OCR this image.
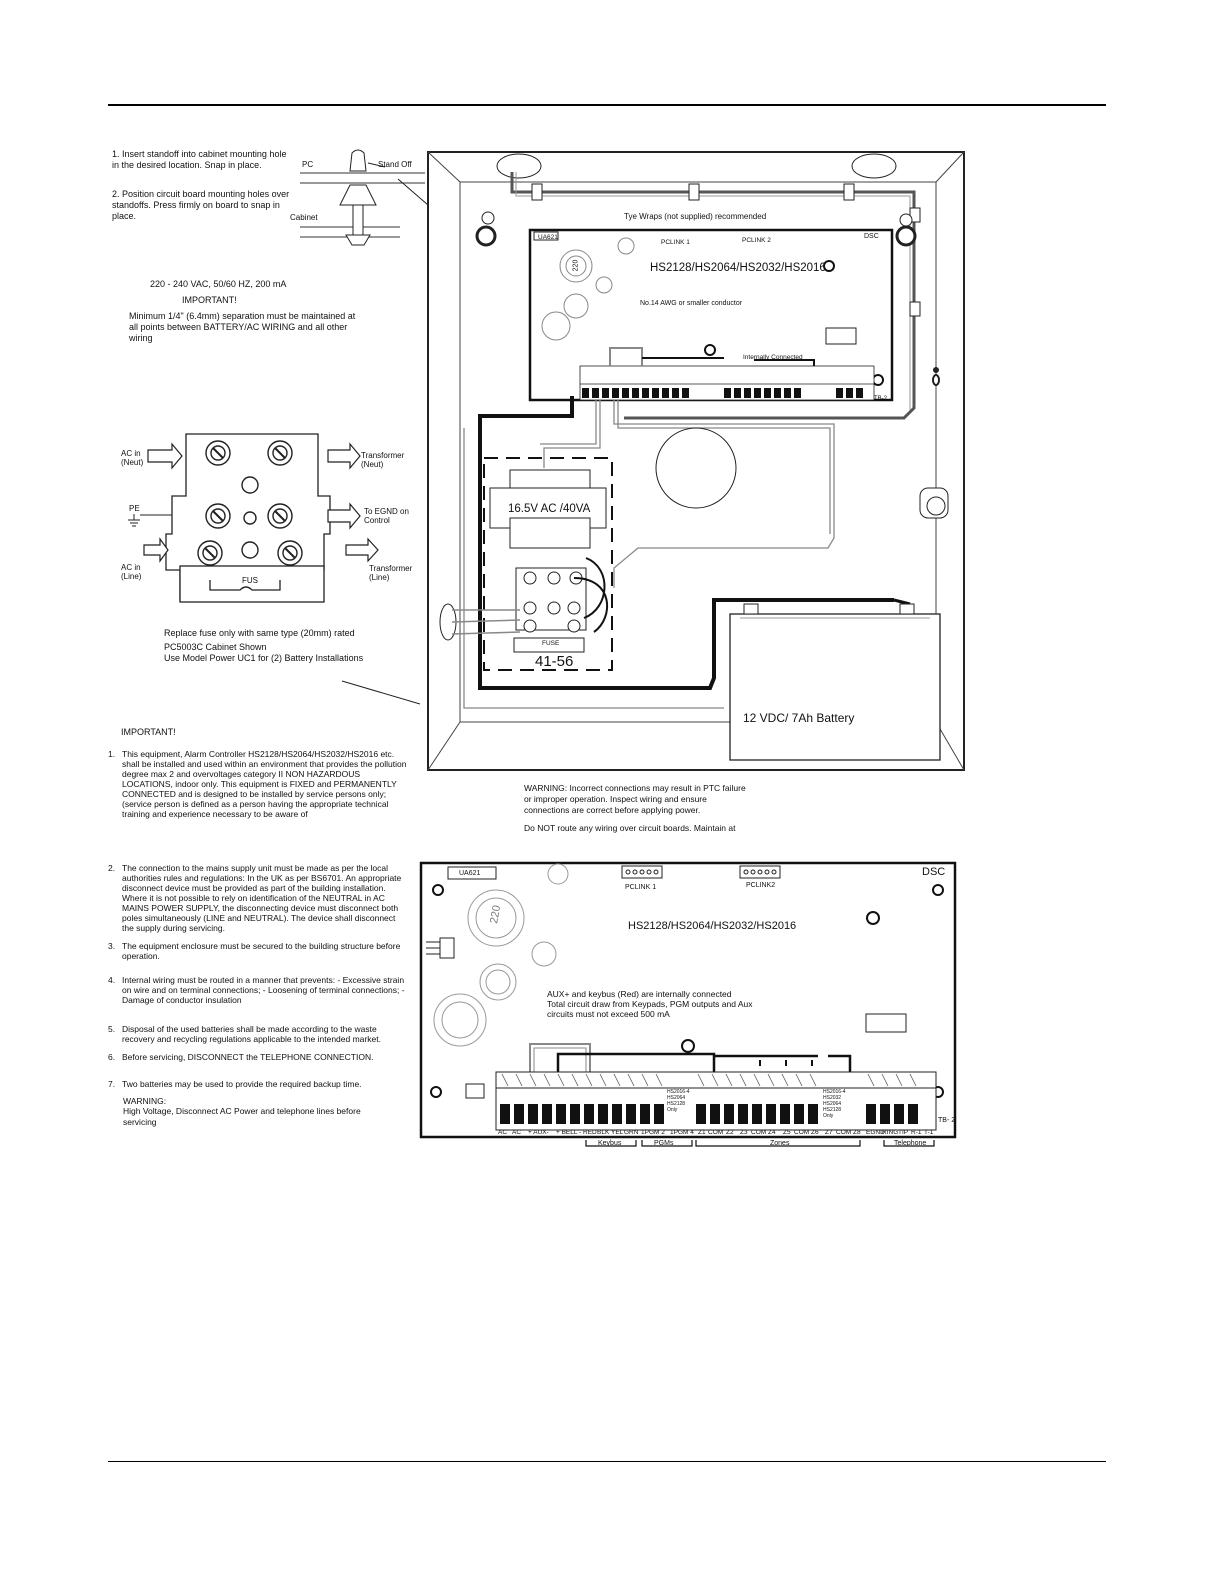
1. Insert standoff into cabinet mounting hole in the desired location. Snap in place.
2. Position circuit board mounting holes over standoffs. Press firmly on board to snap in place.
PC	Stand Off
Cabinet
220 - 240 VAC, 50/60 HZ, 200 mA
IMPORTANT!
Minimum 1/4" (6.4mm) separation must be maintained at all points between BATTERY/AC WIRING and all other wiring
AC in (Neut)
Transformer (Neut)
PE	To EGND on Control
AC in (Line)
Transformer (Line)
FUS
Replace fuse only with same type (20mm) rated
PC5003C Cabinet Shown
Use Model Power UC1 for (2) Battery Installations
Tye Wraps (not supplied) recommended
UA621
PCLINK 1	PCLINK 2
DSC
220	HS2128/HS2064/HS2032/HS2016
No.14 AWG or smaller conductor
Internally Connected
TB-2
16.5V AC /40VA
FUSE
41-56
12 VDC/ 7Ah Battery
WARNING: Incorrect connections may result in PTC failure or improper operation. Inspect wiring and ensure connections are correct before applying power.
Do NOT route any wiring over circuit boards. Maintain at
IMPORTANT!
1. This equipment, Alarm Controller HS2128/HS2064/HS2032/HS2016 etc. shall be installed and used within an environment that provides the pollution degree max 2 and overvoltages category II NON HAZARDOUS LOCATIONS, indoor only. This equipment is FIXED and PERMANENTLY CONNECTED and is designed to be installed by service persons only; (service person is defined as a person having the appropriate technical training and experience necessary to be aware of
2. The connection to the mains supply unit must be made as per the local authorities rules and regulations: In the UK as per BS6701. An appropriate disconnect device must be provided as part of the building installation. Where it is not possible to rely on identification of the NEUTRAL in AC MAINS POWER SUPPLY, the disconnecting device must disconnect both poles simultaneously (LINE and NEUTRAL). The device shall disconnect the supply during servicing.
3. The equipment enclosure must be secured to the building structure before operation.
4. Internal wiring must be routed in a manner that prevents: - Excessive strain on wire and on terminal connections; - Loosening of terminal connections; - Damage of conductor insulation
5. Disposal of the used batteries shall be made according to the waste recovery and recycling regulations applicable to the intended market.
6. Before servicing, DISCONNECT the TELEPHONE CONNECTION.
7. Two batteries may be used to provide the required backup time.
WARNING:
High Voltage, Disconnect AC Power and telephone lines before servicing
UA621
PCLINK 1	PCLINK2
DSC
220
HS2128/HS2064/HS2032/HS2016
AUX+ and keybus (Red) are internally connected
Total circuit draw from Keypads, PGM outputs and Aux circuits must not exceed 500 mA
HS2016-4 HS2064 HS2128 Only
HS2016-4 HS2032 HS2064 HS2128 Only
TB- 2
AC AC + AUX- + BELL - RED BLK YEL GRN 1PGM 2 1PGM 4 Z1 COM Z2 Z3 COM Z4 Z5 COM Z6 Z7 COM Z8 EGND
RING TIP R-1 T-1
Keybus	PGMs	Zones	Telephone
